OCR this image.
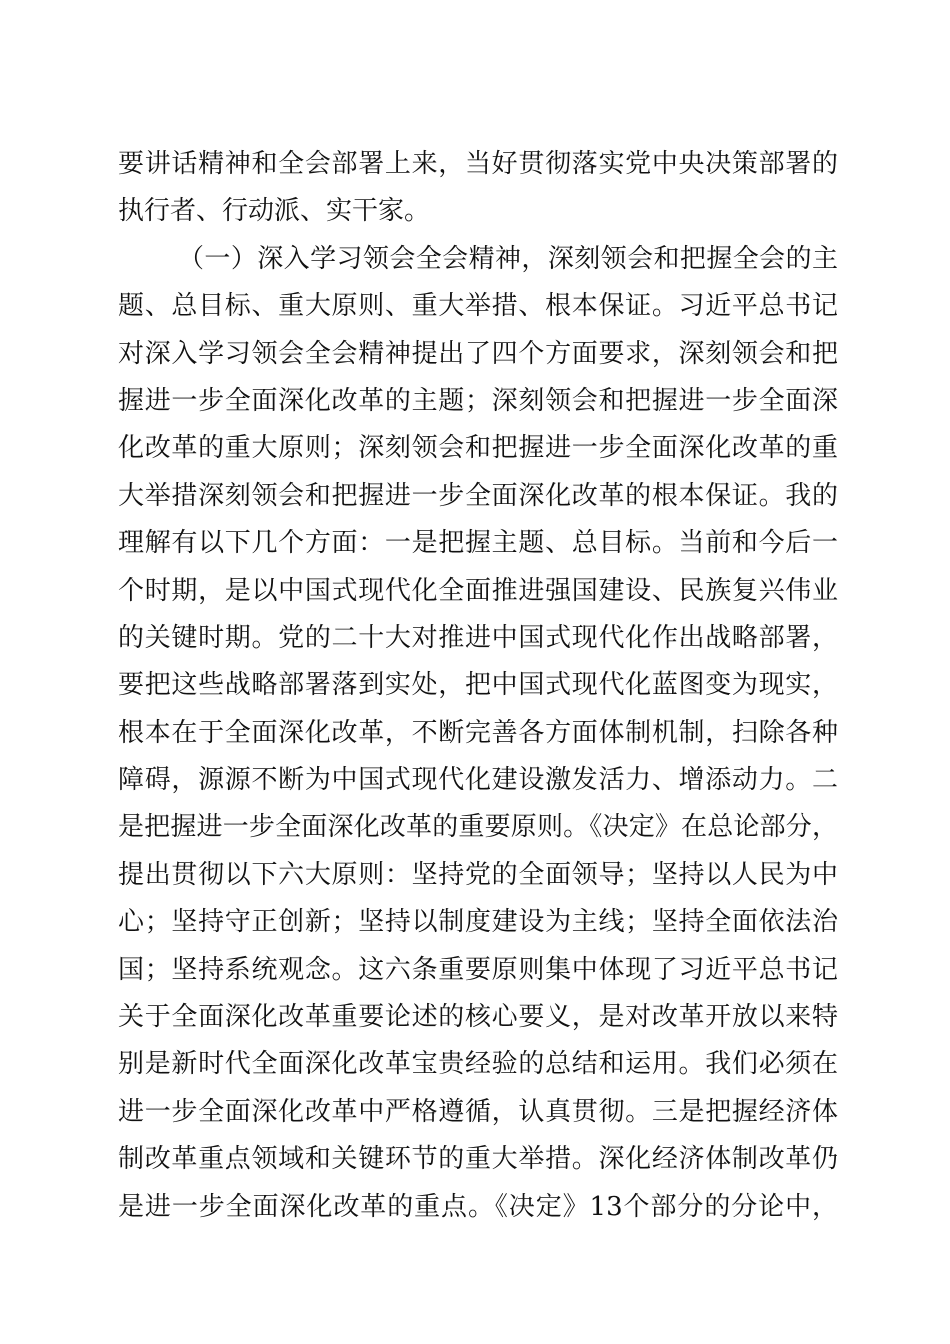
要讲话精神和全会部署上来，当好贯彻落实党中央决策部署的
执行者、行动派、实干家。
（一）深入学习领会全会精神，深刻领会和把握全会的主
题、总目标、重大原则、重大举措、根本保证。习近平总书记
对深入学习领会全会精神提出了四个方面要求，深刻领会和把
握进一步全面深化改革的主题；深刻领会和把握进一步全面深
化改革的重大原则；深刻领会和把握进一步全面深化改革的重
大举措深刻领会和把握进一步全面深化改革的根本保证。我的
理解有以下几个方面：一是把握主题、总目标。当前和今后一
个时期，是以中国式现代化全面推进强国建设、民族复兴伟业
的关键时期。党的二十大对推进中国式现代化作出战略部署，
要把这些战略部署落到实处，把中国式现代化蓝图变为现实，
根本在于全面深化改革，不断完善各方面体制机制，扫除各种
障碍，源源不断为中国式现代化建设激发活力、增添动力。二
是把握进一步全面深化改革的重要原则。《决定》在总论部分，
提出贯彻以下六大原则：坚持党的全面领导；坚持以人民为中
心；坚持守正创新；坚持以制度建设为主线；坚持全面依法治
国；坚持系统观念。这六条重要原则集中体现了习近平总书记
关于全面深化改革重要论述的核心要义，是对改革开放以来特
别是新时代全面深化改革宝贵经验的总结和运用。我们必须在
进一步全面深化改革中严格遵循，认真贯彻。三是把握经济体
制改革重点领域和关键环节的重大举措。深化经济体制改革仍
是进一步全面深化改革的重点。《决定》13个部分的分论中，
